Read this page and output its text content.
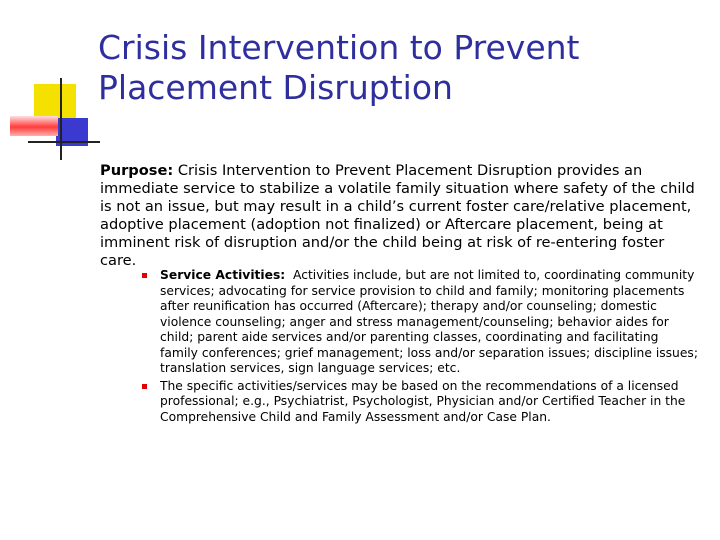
Crisis Intervention to Prevent Placement Disruption
Purpose: Crisis Intervention to Prevent Placement Disruption provides an immediate service to stabilize a volatile family situation where safety of the child is not an issue, but may result in a child’s current foster care/relative placement, adoptive placement (adoption not finalized) or Aftercare placement, being at imminent risk of disruption and/or the child being at risk of re-entering foster care.
Service Activities: Activities include, but are not limited to, coordinating community services; advocating for service provision to child and family; monitoring placements after reunification has occurred (Aftercare); therapy and/or counseling; domestic violence counseling; anger and stress management/counseling; behavior aides for child; parent aide services and/or parenting classes, coordinating and facilitating family conferences; grief management; loss and/or separation issues; discipline issues; translation services, sign language services; etc.
The specific activities/services may be based on the recommendations of a licensed professional; e.g., Psychiatrist, Psychologist, Physician and/or Certified Teacher in the Comprehensive Child and Family Assessment and/or Case Plan.
